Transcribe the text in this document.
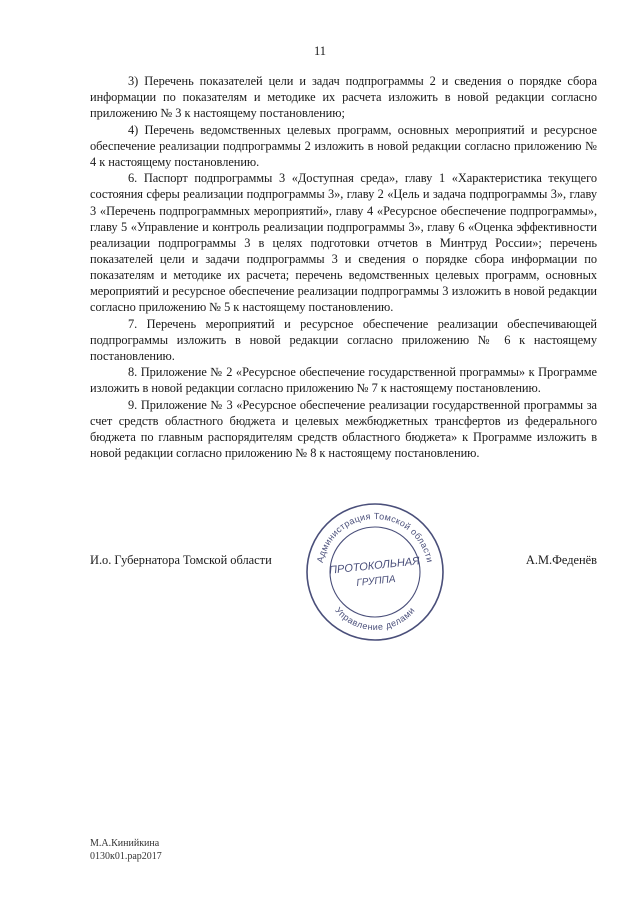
11

3) Перечень показателей цели и задач подпрограммы 2 и сведения о порядке сбора информации по показателям и методике их расчета изложить в новой редакции согласно приложению № 3 к настоящему постановлению;

4) Перечень ведомственных целевых программ, основных мероприятий и ресурсное обеспечение реализации подпрограммы 2 изложить в новой редакции согласно приложению № 4 к настоящему постановлению.

6. Паспорт подпрограммы 3 «Доступная среда», главу 1 «Характеристика текущего состояния сферы реализации подпрограммы 3», главу 2 «Цель и задача подпрограммы 3», главу 3 «Перечень подпрограммных мероприятий», главу 4 «Ресурсное обеспечение подпрограммы», главу 5 «Управление и контроль реализации подпрограммы 3», главу 6 «Оценка эффективности реализации подпрограммы 3 в целях подготовки отчетов в Минтруд России»; перечень показателей цели и задачи подпрограммы 3 и сведения о порядке сбора информации по показателям и методике их расчета; перечень ведомственных целевых программ, основных мероприятий и ресурсное обеспечение реализации подпрограммы 3 изложить в новой редакции согласно приложению № 5 к настоящему постановлению.

7. Перечень мероприятий и ресурсное обеспечение реализации обеспечивающей подпрограммы изложить в новой редакции согласно приложению № 6 к настоящему постановлению.

8. Приложение № 2 «Ресурсное обеспечение государственной программы» к Программе изложить в новой редакции согласно приложению № 7 к настоящему постановлению.

9. Приложение № 3 «Ресурсное обеспечение реализации государственной программы за счет средств областного бюджета и целевых межбюджетных трансфертов из федерального бюджета по главным распорядителям средств областного бюджета» к Программе изложить в новой редакции согласно приложению № 8 к настоящему постановлению.

И.о. Губернатора Томской области	А.М.Феденёв
Администрация Томской области
Управление делами
ПРОТОКОЛЬНАЯ
ГРУППА
М.А.Кинийкина
0130к01.рар2017
